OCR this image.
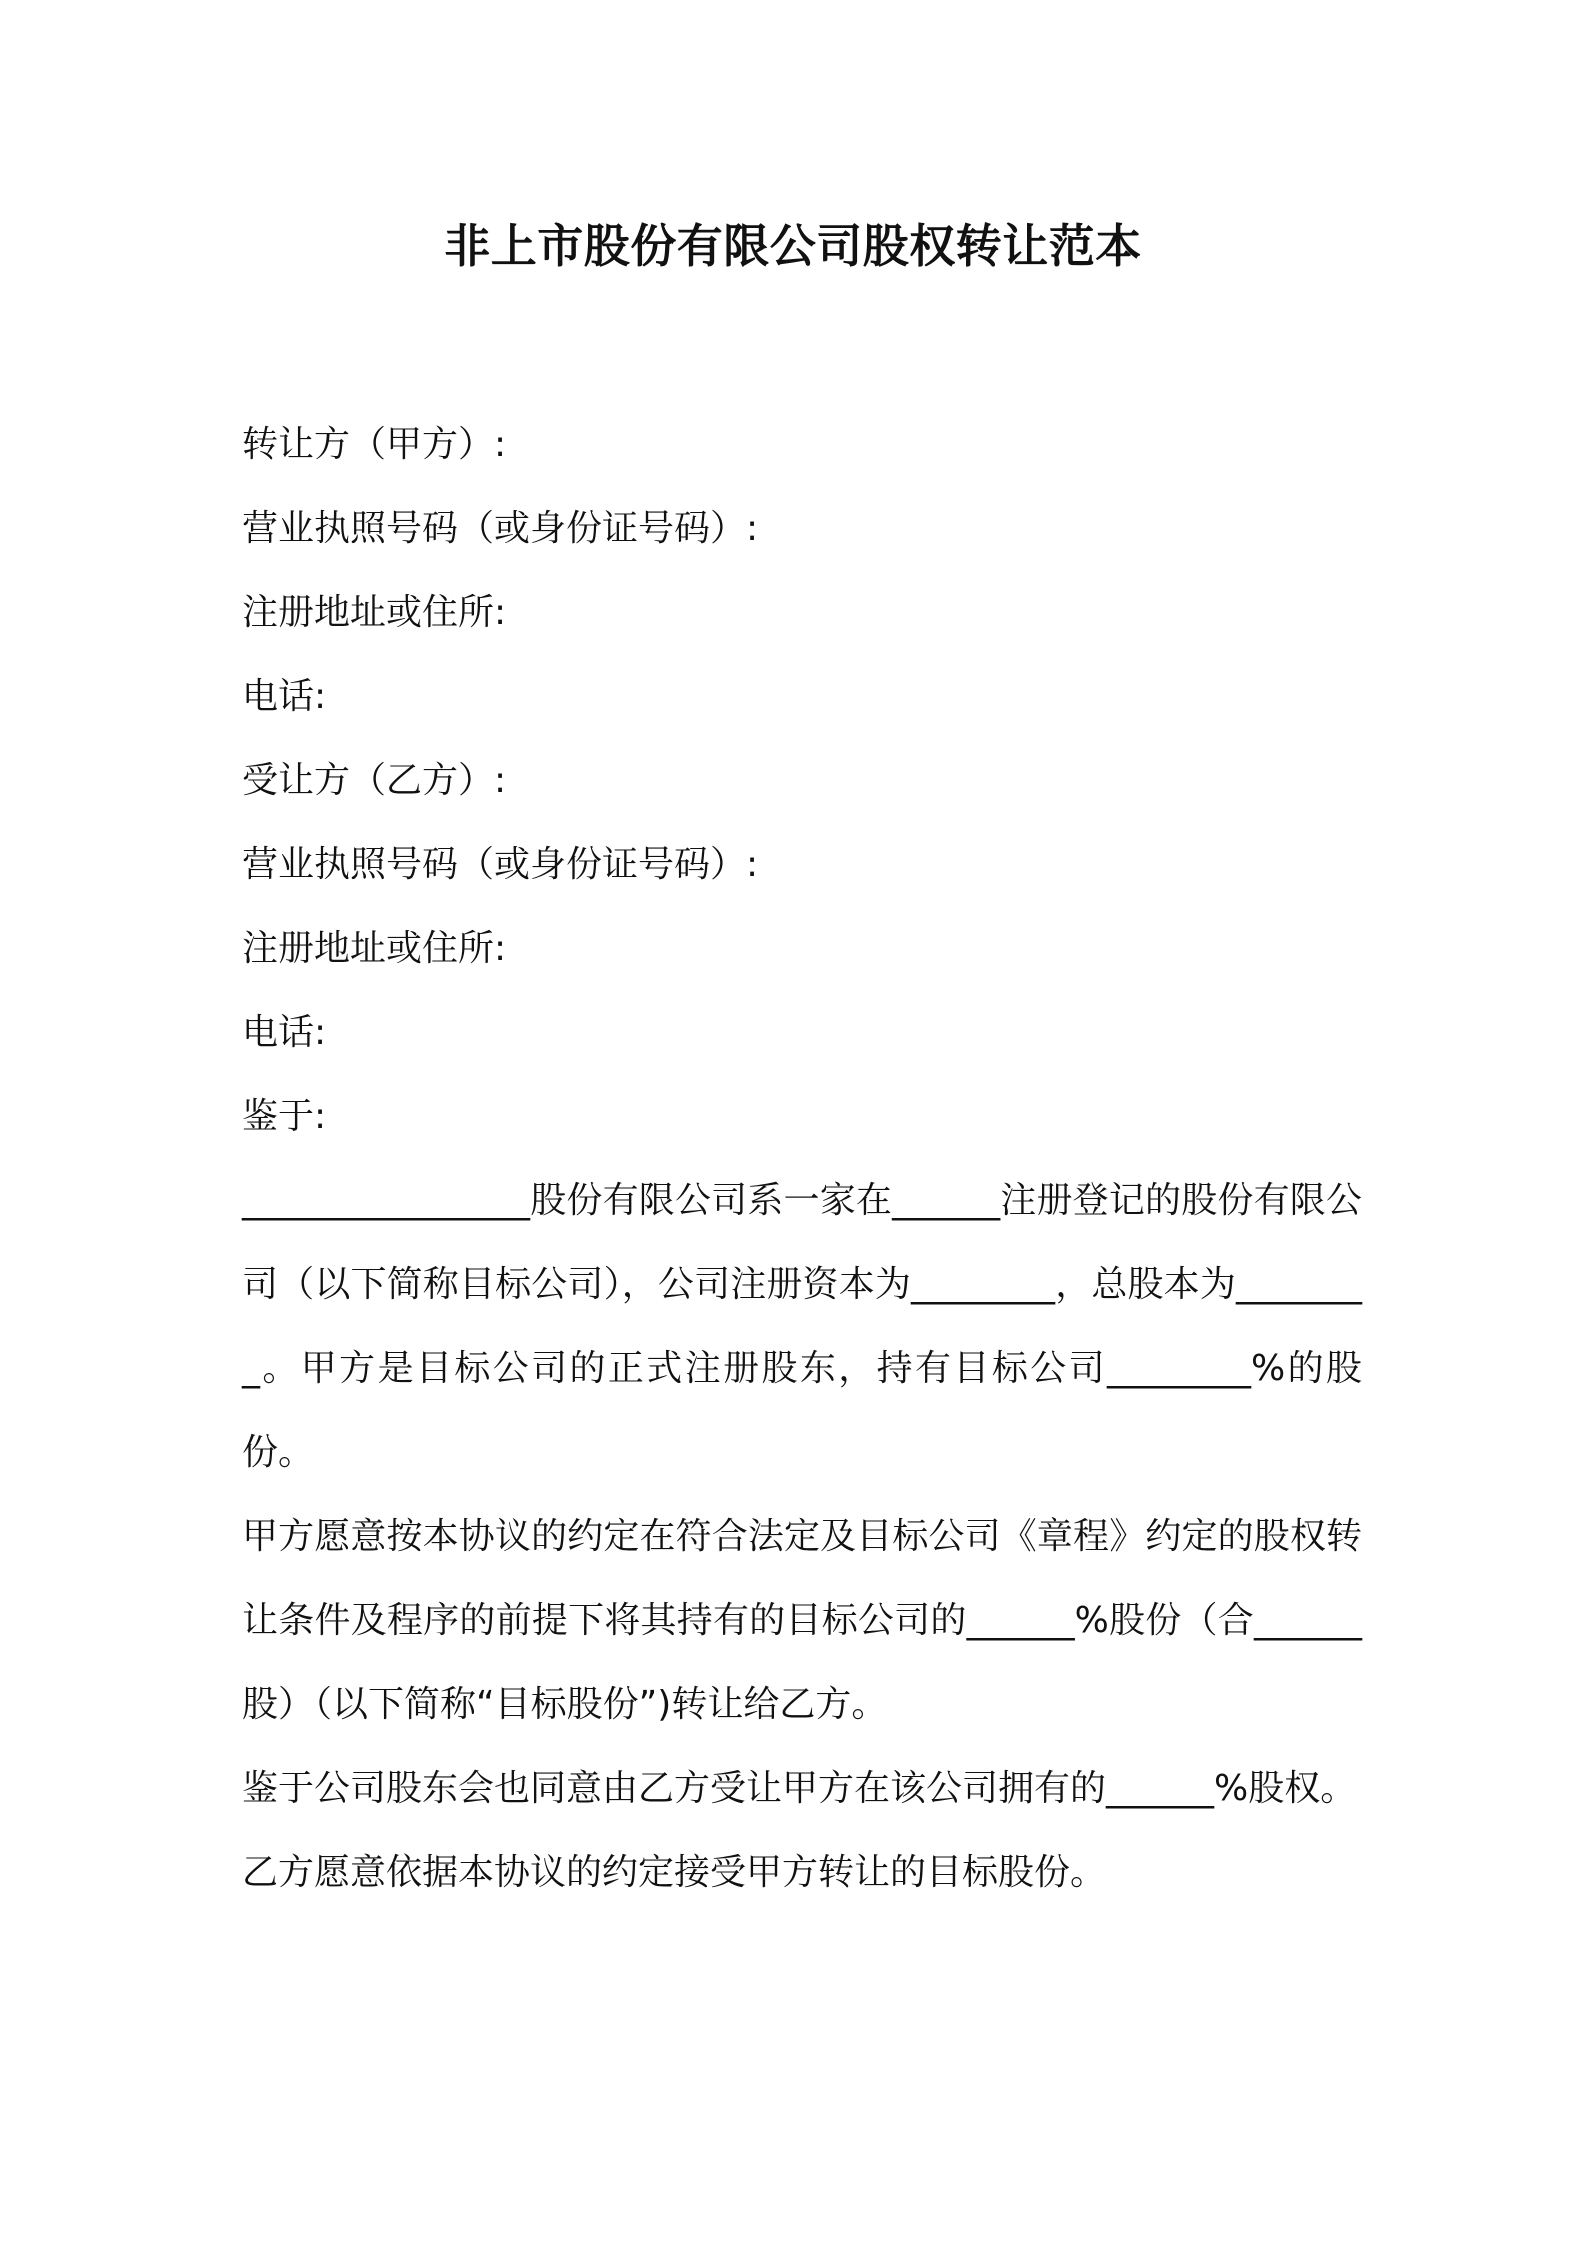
非上市股份有限公司股权转让范本
转让方（甲方）:
营业执照号码（或身份证号码）:
注册地址或住所:
电话:
受让方（乙方）:
营业执照号码（或身份证号码）:
注册地址或住所:
电话:
鉴于:
________________股份有限公司系一家在______注册登记的股份有限公司（以下简称目标公司），公司注册资本为________，总股本为________。甲方是目标公司的正式注册股东，持有目标公司________%的股份。
甲方愿意按本协议的约定在符合法定及目标公司《章程》约定的股权转让条件及程序的前提下将其持有的目标公司的______%股份（合______股）（以下简称“目标股份”)转让给乙方。
鉴于公司股东会也同意由乙方受让甲方在该公司拥有的______%股权。
乙方愿意依据本协议的约定接受甲方转让的目标股份。
